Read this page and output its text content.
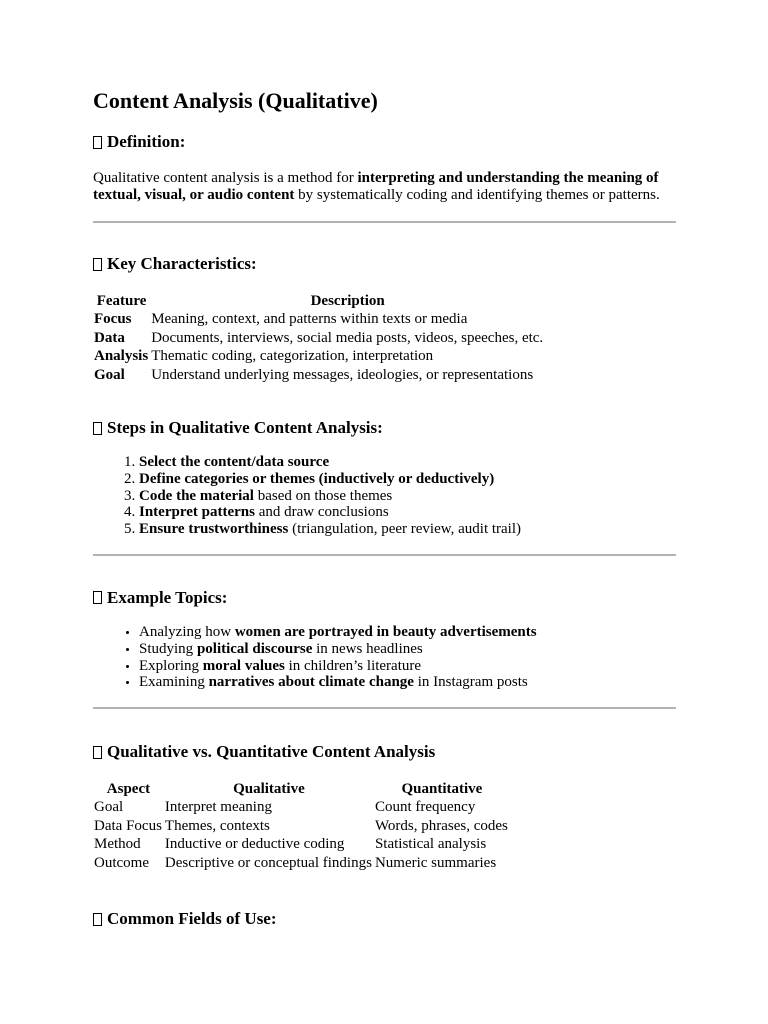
Content Analysis (Qualitative)
Definition:

Qualitative content analysis is a method for interpreting and understanding the meaning of textual, visual, or audio content by systematically coding and identifying themes or patterns.

Key Characteristics:
Feature	Description
Focus	Meaning, context, and patterns within texts or media
Data	Documents, interviews, social media posts, videos, speeches, etc.
Analysis	Thematic coding, categorization, interpretation
Goal	Understand underlying messages, ideologies, or representations
Steps in Qualitative Content Analysis:
1. Select the content/data source
2. Define categories or themes (inductively or deductively)
3. Code the material based on those themes
4. Interpret patterns and draw conclusions
5. Ensure trustworthiness (triangulation, peer review, audit trail)
Example Topics:
• Analyzing how women are portrayed in beauty advertisements
• Studying political discourse in news headlines
• Exploring moral values in children’s literature
• Examining narratives about climate change in Instagram posts
Qualitative vs. Quantitative Content Analysis
Aspect	Qualitative	Quantitative
Goal	Interpret meaning	Count frequency
Data Focus	Themes, contexts	Words, phrases, codes
Method	Inductive or deductive coding	Statistical analysis
Outcome	Descriptive or conceptual findings	Numeric summaries
Common Fields of Use:
